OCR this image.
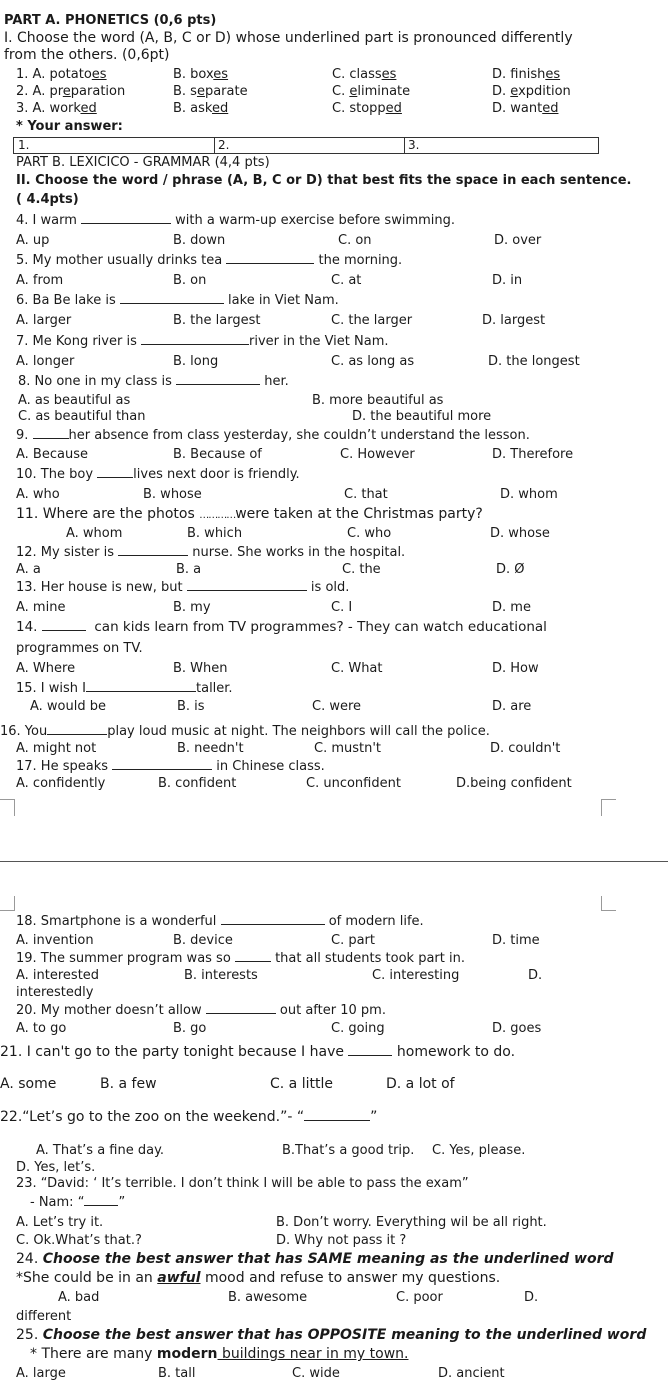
PART A. PHONETICS (0,6 pts)
I. Choose the word (A, B, C or D) whose underlined part is pronounced differently
from the others. (0,6pt)
1. A. potatoes	B. boxes	C. classes	D. finishes
2. A. preparation	B. separate	C. eliminate	D. expdition
3. A. worked	B. asked	C. stopped	D. wanted
* Your answer:
1.	2.	3.
PART B. LEXICICO - GRAMMAR (4,4 pts)
II. Choose the word / phrase (A, B, C or D) that best fits the space in each sentence.
( 4.4pts)
4. I warm	with a warm-up exercise before swimming.
A. up	B. down	C. on	D. over
5. My mother usually drinks tea	the morning.
A. from	B. on	C. at	D. in
6. Ba Be lake is	lake in Viet Nam.
A. larger	B. the largest	C. the larger	D. largest
7. Me Kong river is	river in the Viet Nam.
A. longer	B. long	C. as long as	D. the longest
8. No one in my class is	her.
A. as beautiful as	B. more beautiful as
C. as beautiful than	D. the beautiful more
9.	her absence from class yesterday, she couldn’t understand the lesson.
A. Because	B. Because of	C. However	D. Therefore
10. The boy	lives next door is friendly.
A. who	B. whose	C. that	D. whom
11. Where are the photos …………were taken at the Christmas party?
A. whom	B. which	C. who	D. whose
12. My sister is	nurse. She works in the hospital.
A. a	B. a	C. the	D. Ø
13. Her house is new, but	is old.
A. mine	B. my	C. I	D. me
14.	can kids learn from TV programmes? - They can watch educational
programmes on TV.
A. Where	B. When	C. What	D. How
15. I wish I	taller.
A. would be	B. is	C. were	D. are
16. You	play loud music at night. The neighbors will call the police.
A. might not	B. needn't	C. mustn't	D. couldn't
17. He speaks	in Chinese class.
A. confidently	B. confident	C. unconfident	D.being confident
18. Smartphone is a wonderful	of modern life.
A. invention	B. device	C. part	D. time
19. The summer program was so	that all students took part in.
A. interested	B. interests	C. interesting	D.
interestedly
20. My mother doesn’t allow	out after 10 pm.
A. to go	B. go	C. going	D. goes
21. I can't go to the party tonight because I have	homework to do.
A. some	B. a few	C. a little	D. a lot of
22.“Let’s go to the zoo on the weekend.”- “	”
A. That’s a fine day.	B.That’s a good trip. C. Yes, please.
D. Yes, let’s.
23. “David: ‘ It’s terrible. I don’t think I will be able to pass the exam”
- Nam: “	”
A. Let’s try it.	B. Don’t worry. Everything wil be all right.
C. Ok.What’s that.?	D. Why not pass it ?
24. Choose the best answer that has SAME meaning as the underlined word
*She could be in an awful mood and refuse to answer my questions.
A. bad	B. awesome	C. poor	D.
different
25. Choose the best answer that has OPPOSITE meaning to the underlined word
* There are many modern buildings near in my town.
A. large	B. tall	C. wide	D. ancient
